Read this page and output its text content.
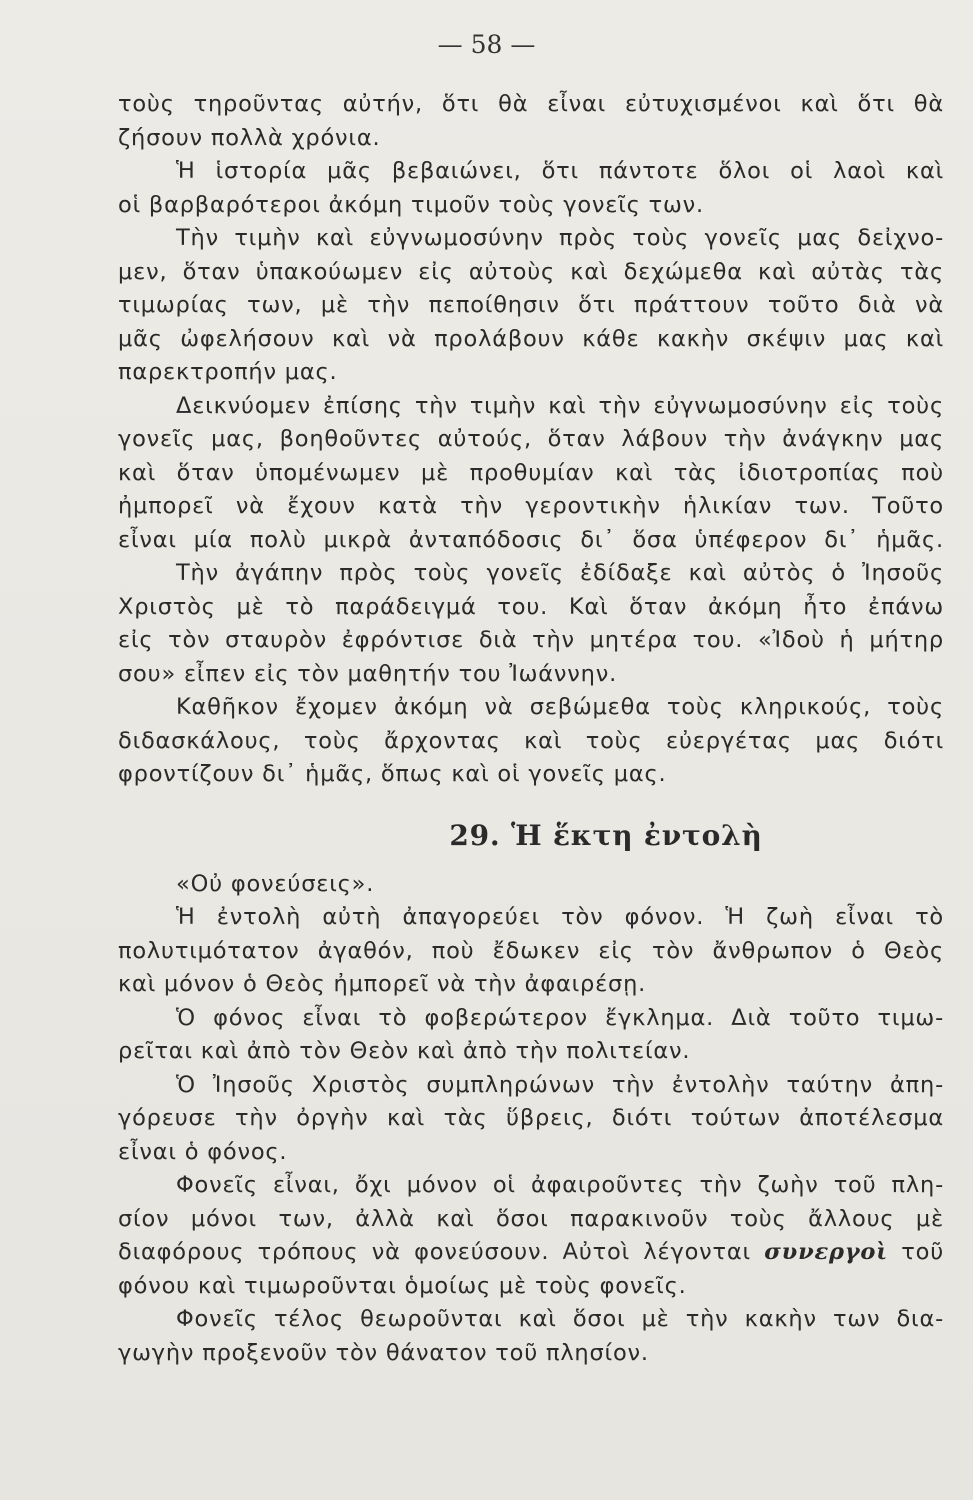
— 58 —
τοὺς τηροῦντας αὐτήν, ὅτι θὰ εἶναι εὐτυχισμένοι καὶ ὅτι θὰ
ζήσουν πολλὰ χρόνια.
Ἡ ἱστορία μᾶς βεβαιώνει, ὅτι πάντοτε ὅλοι οἱ λαοὶ καὶ
οἱ βαρβαρότεροι ἀκόμη τιμοῦν τοὺς γονεῖς των.
Τὴν τιμὴν καὶ εὐγνωμοσύνην πρὸς τοὺς γονεῖς μας δεἰχνο-
μεν, ὅταν ὑπακούωμεν εἰς αὐτοὺς καὶ δεχώμεθα καὶ αὐτὰς τὰς
τιμωρίας των, μὲ τὴν πεποίθησιν ὅτι πράττουν τοῦτο διὰ νὰ
μᾶς ὠφελήσουν καὶ νὰ προλάβουν κάθε κακὴν σκέψιν μας καὶ
παρεκτροπήν μας.
Δεικνύομεν ἐπίσης τὴν τιμὴν καὶ τὴν εὐγνωμοσύνην εἰς τοὺς
γονεῖς μας, βοηθοῦντες αὐτούς, ὅταν λάβουν τὴν ἀνάγκην μας
καὶ ὅταν ὑπομένωμεν μὲ προθυμίαν καὶ τὰς ἰδιοτροπίας ποὺ
ἠμπορεῖ νὰ ἔχουν κατὰ τὴν γεροντικὴν ἡλικίαν των. Τοῦτο
εἶναι μία πολὺ μικρὰ ἀνταπόδοσις δι᾽ ὅσα ὑπέφερον δι᾽ ἡμᾶς.
Τὴν ἀγάπην πρὸς τοὺς γονεῖς ἐδίδαξε καὶ αὐτὸς ὁ Ἰησοῦς
Χριστὸς μὲ τὸ παράδειγμά του. Καὶ ὅταν ἀκόμη ἦτο ἐπάνω
εἰς τὸν σταυρὸν ἐφρόντισε διὰ τὴν μητέρα του. «Ἰδοὺ ἡ μήτηρ
σου» εἶπεν εἰς τὸν μαθητήν του Ἰωάννην.
Καθῆκον ἔχομεν ἀκόμη νὰ σεβώμεθα τοὺς κληρικούς, τοὺς
διδασκάλους, τοὺς ἄρχοντας καὶ τοὺς εὐεργέτας μας διότι
φροντίζουν δι᾽ ἡμᾶς, ὅπως καὶ οἱ γονεῖς μας.
29. Ἡ ἕκτη ἐντολὴ
«Οὐ φονεύσεις».
Ἡ ἐντολὴ αὐτὴ ἀπαγορεύει τὸν φόνον. Ἡ ζωὴ εἶναι τὸ
πολυτιμότατον ἀγαθόν, ποὺ ἔδωκεν εἰς τὸν ἄνθρωπον ὁ Θεὸς
καὶ μόνον ὁ Θεὸς ἠμπορεῖ νὰ τὴν ἀφαιρέσῃ.
Ὁ φόνος εἶναι τὸ φοβερώτερον ἔγκλημα. Διὰ τοῦτο τιμω-
ρεῖται καὶ ἀπὸ τὸν Θεὸν καὶ ἀπὸ τὴν πολιτείαν.
Ὁ Ἰησοῦς Χριστὸς συμπληρώνων τὴν ἐντολὴν ταύτην ἀπη-
γόρευσε τὴν ὀργὴν καὶ τὰς ὕβρεις, διότι τούτων ἀποτέλεσμα
εἶναι ὁ φόνος.
Φονεῖς εἶναι, ὄχι μόνον οἱ ἀφαιροῦντες τὴν ζωὴν τοῦ πλη-
σίον μόνοι των, ἀλλὰ καὶ ὅσοι παρακινοῦν τοὺς ἄλλους μὲ
διαφόρους τρόπους νὰ φονεύσουν. Αὐτοὶ λέγονται συνεργοὶ τοῦ
φόνου καὶ τιμωροῦνται ὁμοίως μὲ τοὺς φονεῖς.
Φονεῖς τέλος θεωροῦνται καὶ ὅσοι μὲ τὴν κακὴν των δια-
γωγὴν προξενοῦν τὸν θάνατον τοῦ πλησίον.
